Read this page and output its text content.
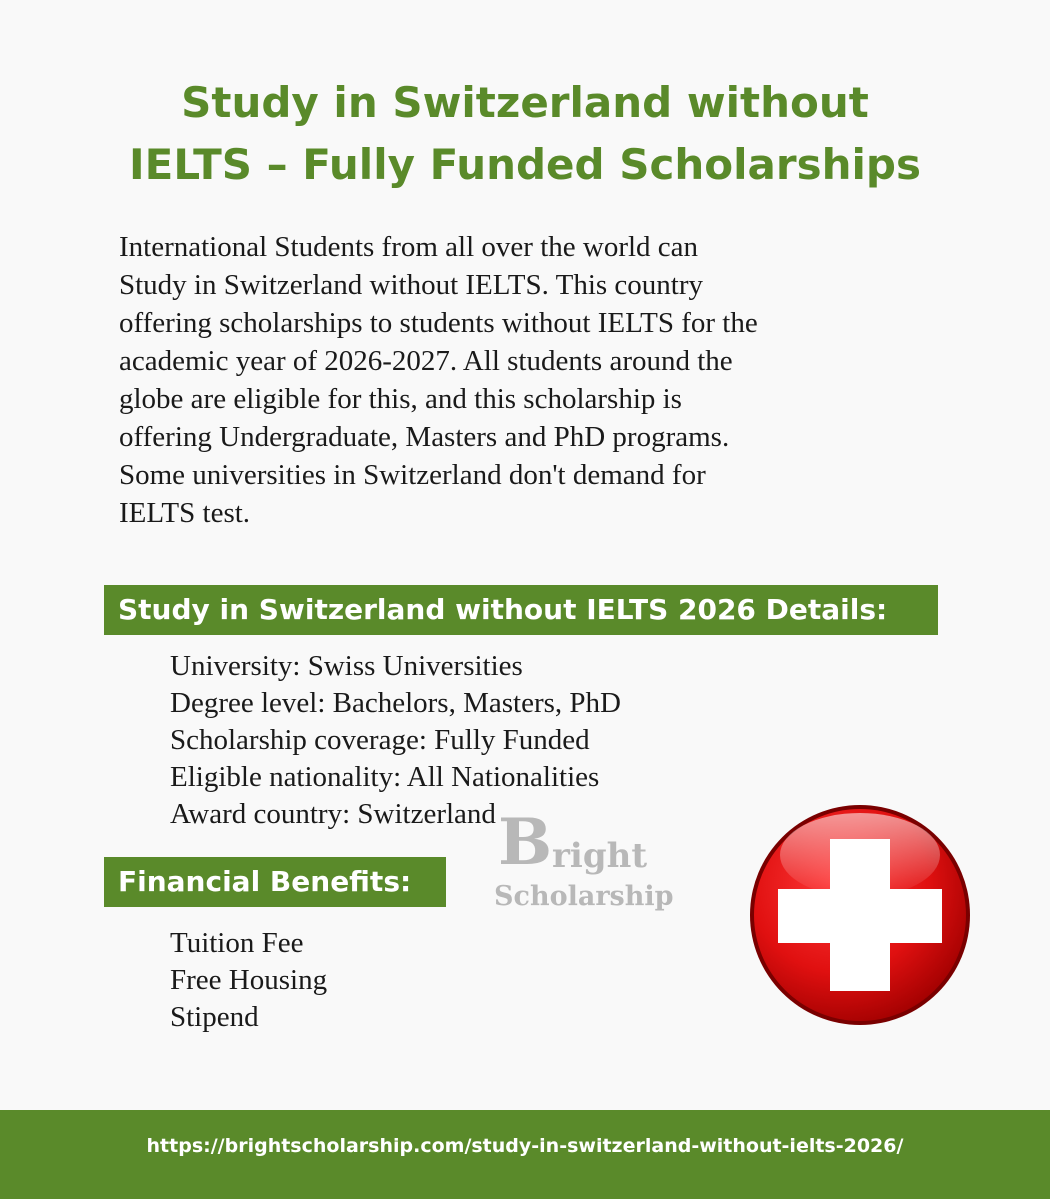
Study in Switzerland without
IELTS – Fully Funded Scholarships
International Students from all over the world can
Study in Switzerland without IELTS. This country
offering scholarships to students without IELTS for the
academic year of 2026-2027. All students around the
globe are eligible for this, and this scholarship is
offering Undergraduate, Masters and PhD programs.
Some universities in Switzerland don't demand for
IELTS test.
Study in Switzerland without IELTS 2026 Details:
University: Swiss Universities
Degree level: Bachelors, Masters, PhD
Scholarship coverage: Fully Funded
Eligible nationality: All Nationalities
Award country: Switzerland B right
Scholarship
Financial Benefits:
Tuition Fee
Free Housing
Stipend

https://brightscholarship.com/study-in-switzerland-without-ielts-2026/
